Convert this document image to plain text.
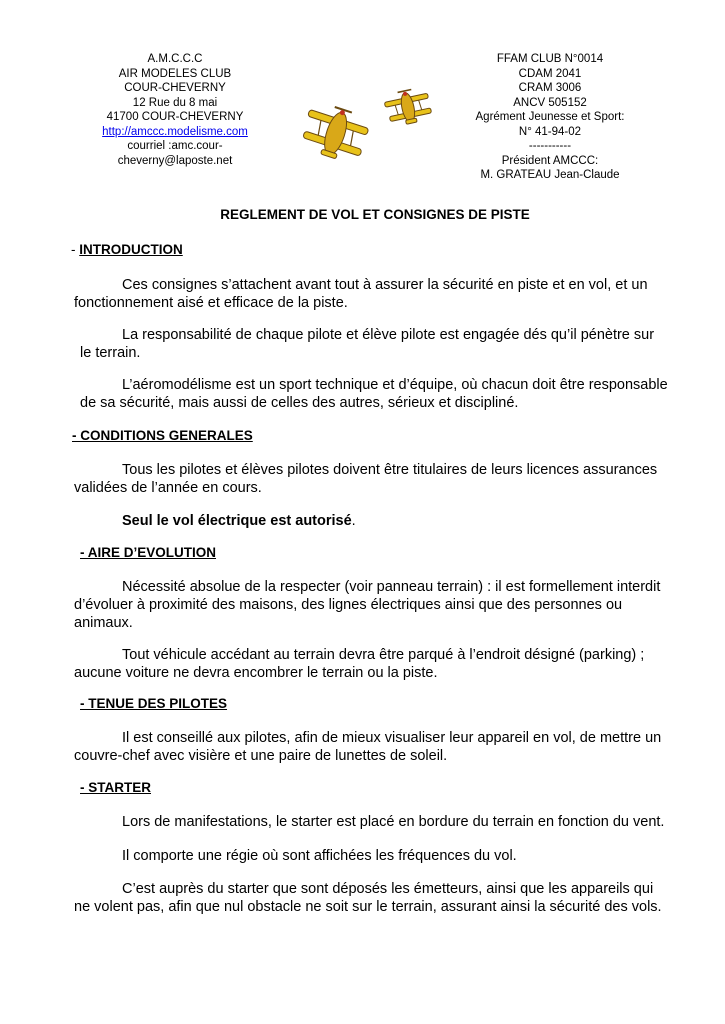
A.M.C.C.C
AIR MODELES CLUB
COUR-CHEVERNY
12 Rue du 8 mai
41700 COUR-CHEVERNY
http://amccc.modelisme.com
courriel :amc.cour-
cheverny@laposte.net
FFAM CLUB N°0014
CDAM 2041
CRAM 3006
ANCV 505152
Agrément Jeunesse et Sport:
N° 41-94-02
-----------
Président AMCCC:
M. GRATEAU Jean-Claude
REGLEMENT DE VOL ET CONSIGNES DE PISTE
- INTRODUCTION
Ces consignes s’attachent avant tout à assurer la sécurité en piste et en vol, et un
fonctionnement aisé et efficace de la piste.
La responsabilité de chaque pilote et élève pilote est engagée dés qu’il pénètre sur
le terrain.
L’aéromodélisme est un sport technique et d’équipe, où chacun doit être responsable
de sa sécurité, mais aussi de celles des autres, sérieux et discipliné.
- CONDITIONS GENERALES
Tous les pilotes et élèves pilotes doivent être titulaires de leurs licences assurances
validées de l’année en cours.
Seul le vol électrique est autorisé.
- AIRE D’EVOLUTION
Nécessité absolue de la respecter (voir panneau terrain) : il est formellement interdit
d’évoluer à proximité des maisons, des lignes électriques ainsi que des personnes ou
animaux.
Tout véhicule accédant au terrain devra être parqué à l’endroit désigné (parking) ;
aucune voiture ne devra encombrer le terrain ou la piste.
- TENUE DES PILOTES
Il est conseillé aux pilotes, afin de mieux visualiser leur appareil en vol, de mettre un
couvre-chef avec visière et une paire de lunettes de soleil.
- STARTER
Lors de manifestations, le starter est placé en bordure du terrain en fonction du vent.
Il comporte une régie où sont affichées les fréquences du vol.
C’est auprès du starter que sont déposés les émetteurs, ainsi que les appareils qui
ne volent pas, afin que nul obstacle ne soit sur le terrain, assurant ainsi la sécurité des vols.
